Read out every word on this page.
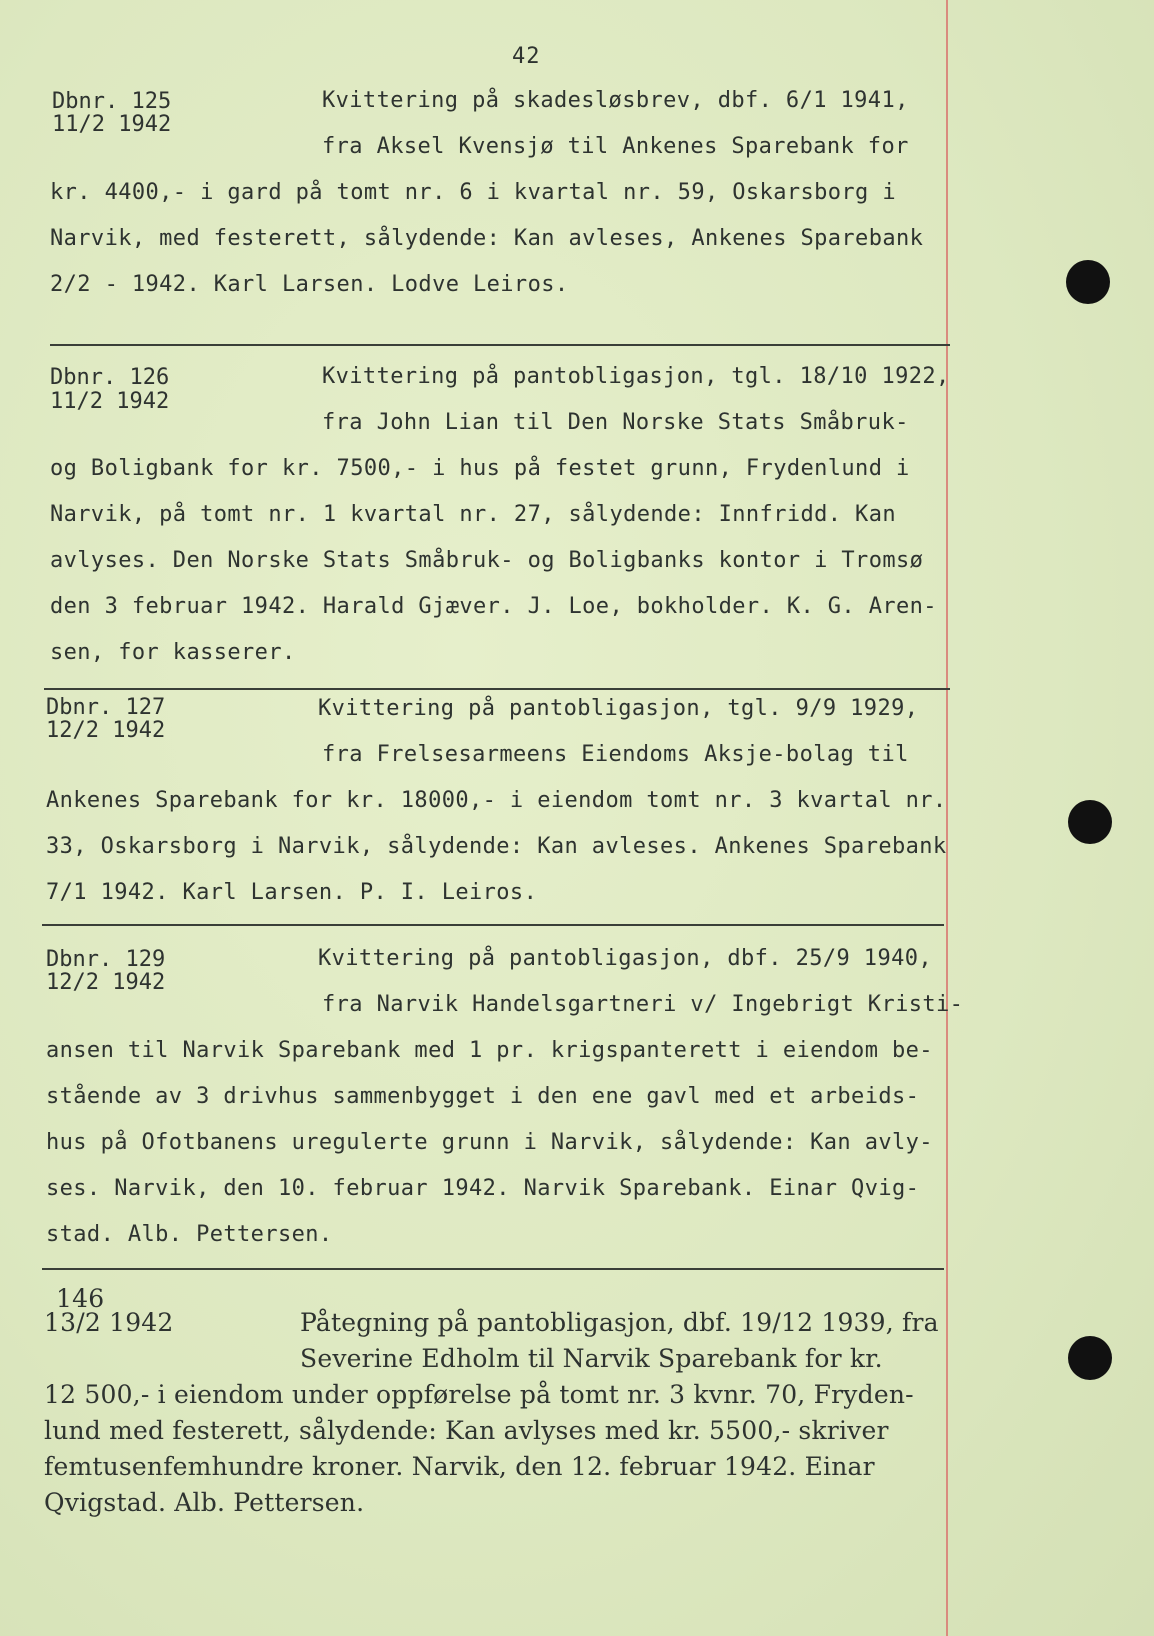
42
Dbnr. 125
11/2 1942
Kvittering på skadesløsbrev, dbf. 6/1 1941,
fra Aksel Kvensjø til Ankenes Sparebank for
kr. 4400,- i gard på tomt nr. 6 i kvartal nr. 59, Oskarsborg i
Narvik, med festerett, sålydende: Kan avleses, Ankenes Sparebank
2/2 - 1942. Karl Larsen. Lodve Leiros.
Dbnr. 126
11/2 1942
Kvittering på pantobligasjon, tgl. 18/10 1922,
fra John Lian til Den Norske Stats Småbruk-
og Boligbank for kr. 7500,- i hus på festet grunn, Frydenlund i
Narvik, på tomt nr. 1 kvartal nr. 27, sålydende: Innfridd. Kan
avlyses. Den Norske Stats Småbruk- og Boligbanks kontor i Tromsø
den 3 februar 1942. Harald Gjæver. J. Loe, bokholder. K. G. Aren-
sen, for kasserer.
Dbnr. 127
12/2 1942
Kvittering på pantobligasjon, tgl. 9/9 1929,
fra Frelsesarmeens Eiendoms Aksje-bolag til
Ankenes Sparebank for kr. 18000,- i eiendom tomt nr. 3 kvartal nr.
33, Oskarsborg i Narvik, sålydende: Kan avleses. Ankenes Sparebank
7/1 1942. Karl Larsen. P. I. Leiros.
Dbnr. 129
12/2 1942
Kvittering på pantobligasjon, dbf. 25/9 1940,
fra Narvik Handelsgartneri v/ Ingebrigt Kristi-
ansen til Narvik Sparebank med 1 pr. krigspanterett i eiendom be-
stående av 3 drivhus sammenbygget i den ene gavl med et arbeids-
hus på Ofotbanens uregulerte grunn i Narvik, sålydende: Kan avly-
ses. Narvik, den 10. februar 1942. Narvik Sparebank. Einar Qvig-
stad. Alb. Pettersen.
146
13/2 1942	Påtegning på pantobligasjon, dbf. 19/12 1939, fra
Severine Edholm til Narvik Sparebank for kr.
12 500,- i eiendom under oppførelse på tomt nr. 3 kvnr. 70, Fryden-
lund med festerett, sålydende: Kan avlyses med kr. 5500,- skriver
femtusenfemhundre kroner. Narvik, den 12. februar 1942. Einar
Qvigstad. Alb. Pettersen.
